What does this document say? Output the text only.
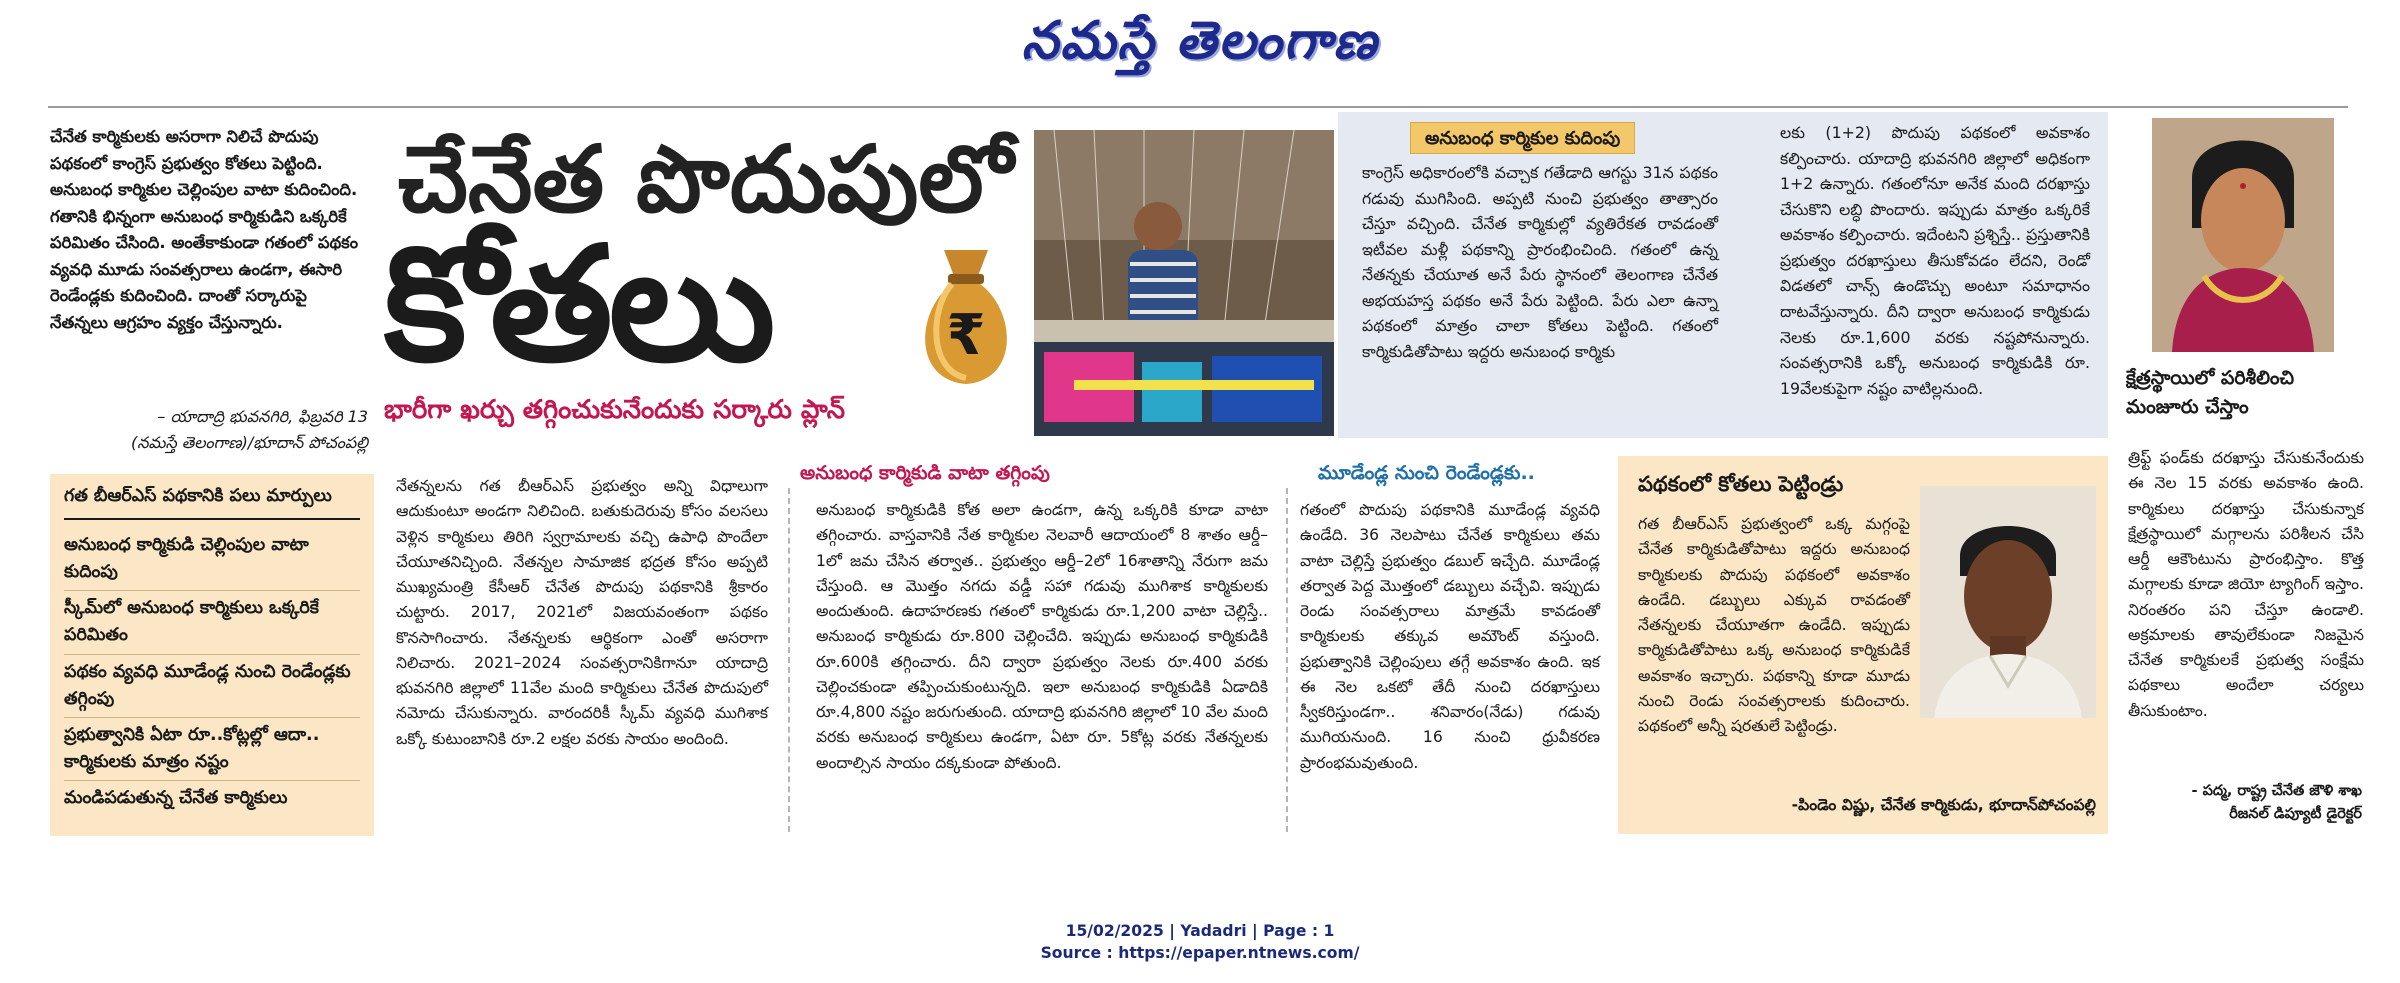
నమస్తే తెలంగాణ
చేనేత కార్మికులకు అసరాగా నిలిచే పొదుపు పథకంలో కాంగ్రెస్‌ ప్రభుత్వం కోతలు పెట్టింది. అనుబంధ కార్మికుల చెల్లింపుల వాటా కుదించింది. గతానికి భిన్నంగా అనుబంధ కార్మికుడిని ఒక్కరికే పరిమితం చేసింది. అంతేకాకుండా గతంలో పథకం వ్యవధి మూడు సంవత్సరాలు ఉండగా, ఈసారి రెండేండ్లకు కుదించింది. దాంతో సర్కారుపై నేతన్నలు ఆగ్రహం వ్యక్తం చేస్తున్నారు.
– యాదాద్రి భువనగిరి, ఫిబ్రవరి 13
(నమస్తే తెలంగాణ)/భూదాన్‌ పోచంపల్లి
చేనేత పొదుపులో
కోతలు	₹
భారీగా ఖర్చు తగ్గించుకునేందుకు సర్కారు ప్లాన్‌
అనుబంధ కార్మికుల కుదింపు
కాంగ్రెస్‌ అధికారంలోకి వచ్చాక గతేడాది ఆగస్టు 31న పథకం గడువు ముగిసింది. అప్పటి నుంచి ప్రభుత్వం తాత్సారం చేస్తూ వచ్చింది. చేనేత కార్మికుల్లో వ్యతిరేకత రావడంతో ఇటీవల మళ్లీ పథకాన్ని ప్రారంభించింది. గతంలో ఉన్న నేతన్నకు చేయూత అనే పేరు స్థానంలో తెలంగాణ చేనేత అభయహస్త పథకం అనే పేరు పెట్టింది. పేరు ఎలా ఉన్నా పథకంలో మాత్రం చాలా కోతలు పెట్టింది. గతంలో కార్మికుడితోపాటు ఇద్దరు అనుబంధ కార్మికు
లకు (1+2) పొదుపు పథకంలో అవకాశం కల్పించారు. యాదాద్రి భువనగిరి జిల్లాలో అధికంగా 1+2 ఉన్నారు. గతంలోనూ అనేక మంది దరఖాస్తు చేసుకొని లబ్ధి పొందారు. ఇప్పుడు మాత్రం ఒక్కరికే అవకాశం కల్పించారు. ఇదేంటని ప్రశ్నిస్తే.. ప్రస్తుతానికి ప్రభుత్వం దరఖాస్తులు తీసుకోవడం లేదని, రెండో విడతలో చాన్స్‌ ఉండొచ్చు అంటూ సమాధానం దాటవేస్తున్నారు. దీని ద్వారా అనుబంధ కార్మికుడు నెలకు రూ.1,600 వరకు నష్టపోనున్నారు. సంవత్సరానికి ఒక్కో అనుబంధ కార్మికుడికి రూ. 19వేలకుపైగా నష్టం వాటిల్లనుంది.	క్షేత్రస్థాయిలో పరిశీలించి మంజూరు చేస్తాం
గత బీఆర్‌ఎస్‌ పథకానికి పలు మార్పులు
అనుబంధ కార్మికుడి చెల్లింపుల వాటా కుదింపు
స్కీమ్‌లో అనుబంధ కార్మికులు ఒక్కరికే పరిమితం
పథకం వ్యవధి మూడేండ్ల నుంచి రెండేండ్లకు తగ్గింపు
ప్రభుత్వానికి ఏటా రూ..కోట్లల్లో ఆదా.. కార్మికులకు మాత్రం నష్టం
మండిపడుతున్న చేనేత కార్మికులు
నేతన్నలను గత బీఆర్‌ఎస్‌ ప్రభుత్వం అన్ని విధాలుగా ఆదుకుంటూ అండగా నిలిచింది. బతుకుదెరువు కోసం వలసలు వెళ్లిన కార్మికులు తిరిగి స్వగ్రామాలకు వచ్చి ఉపాధి పొందేలా చేయూతనిచ్చింది. నేతన్నల సామాజిక భద్రత కోసం అప్పటి ముఖ్యమంత్రి కేసీఆర్‌ చేనేత పొదుపు పథకానికి శ్రీకారం చుట్టారు. 2017, 2021లో విజయవంతంగా పథకం కొనసాగించారు. నేతన్నలకు ఆర్థికంగా ఎంతో అసరాగా నిలిచారు. 2021–2024 సంవత్సరానికిగానూ యాదాద్రి భువనగిరి జిల్లాలో 11వేల మంది కార్మికులు చేనేత పొదుపులో నమోదు చేసుకున్నారు. వారందరికీ స్కీమ్‌ వ్యవధి ముగిశాక ఒక్కో కుటుంబానికి రూ.2 లక్షల వరకు సాయం అందింది.
అనుబంధ కార్మికుడి వాటా తగ్గింపు
అనుబంధ కార్మికుడికి కోత అలా ఉండగా, ఉన్న ఒక్కరికి కూడా వాటా తగ్గించారు. వాస్తవానికి నేత కార్మికుల నెలవారీ ఆదాయంలో 8 శాతం ఆర్డీ–1లో జమ చేసిన తర్వాత.. ప్రభుత్వం ఆర్డీ–2లో 16శాతాన్ని నేరుగా జమ చేస్తుంది. ఆ మొత్తం నగదు వడ్డీ సహా గడువు ముగిశాక కార్మికులకు అందుతుంది. ఉదాహరణకు గతంలో కార్మికుడు రూ.1,200 వాటా చెల్లిస్తే.. అనుబంధ కార్మికుడు రూ.800 చెల్లించేది. ఇప్పుడు అనుబంధ కార్మికుడికి రూ.600కి తగ్గించారు. దీని ద్వారా ప్రభుత్వం నెలకు రూ.400 వరకు చెల్లించకుండా తప్పించుకుంటున్నది. ఇలా అనుబంధ కార్మికుడికి ఏడాదికి రూ.4,800 నష్టం జరుగుతుంది. యాదాద్రి భువనగిరి జిల్లాలో 10 వేల మంది వరకు అనుబంధ కార్మికులు ఉండగా, ఏటా రూ. 5కోట్ల వరకు నేతన్నలకు అందాల్సిన సాయం దక్కకుండా పోతుంది.
మూడేండ్ల నుంచి రెండేండ్లకు..
గతంలో పొదుపు పథకానికి మూడేండ్ల వ్యవధి ఉండేది. 36 నెలపాటు చేనేత కార్మికులు తమ వాటా చెల్లిస్తే ప్రభుత్వం డబుల్‌ ఇచ్చేది. మూడేండ్ల తర్వాత పెద్ద మొత్తంలో డబ్బులు వచ్చేవి. ఇప్పుడు రెండు సంవత్సరాలు మాత్రమే కావడంతో కార్మికులకు తక్కువ అమౌంట్‌ వస్తుంది. ప్రభుత్వానికి చెల్లింపులు తగ్గే అవకాశం ఉంది. ఇక ఈ నెల ఒకటో తేదీ నుంచి దరఖాస్తులు స్వీకరిస్తుండగా.. శనివారం(నేడు) గడువు ముగియనుంది. 16 నుంచి ధ్రువీకరణ ప్రారంభమవుతుంది.
పథకంలో కోతలు పెట్టిండ్రు
గత బీఆర్‌ఎస్‌ ప్రభుత్వంలో ఒక్క మగ్గంపై చేనేత కార్మికుడితోపాటు ఇద్దరు అనుబంధ కార్మికులకు పొదుపు పథకంలో అవకాశం ఉండేది. డబ్బులు ఎక్కువ రావడంతో నేతన్నలకు చేయూతగా ఉండేది. ఇప్పుడు కార్మికుడితోపాటు ఒక్క అనుబంధ కార్మికుడికే అవకాశం ఇచ్చారు. పథకాన్ని కూడా మూడు నుంచి రెండు సంవత్సరాలకు కుదించారు. పథకంలో అన్నీ షరతులే పెట్టిండ్రు.
-పిండెం విష్ణు, చేనేత కార్మికుడు, భూదాన్‌పోచంపల్లి
త్రిఫ్ట్‌ ఫండ్‌కు దరఖాస్తు చేసుకునేందుకు ఈ నెల 15 వరకు అవకాశం ఉంది. కార్మికులు దరఖాస్తు చేసుకున్నాక క్షేత్రస్థాయిలో మగ్గాలను పరిశీలన చేసి ఆర్డీ ఆకౌంటును ప్రారంభిస్తాం. కొత్త మగ్గాలకు కూడా జియో ట్యాగింగ్‌ ఇస్తాం. నిరంతరం పని చేస్తూ ఉండాలి. అక్రమాలకు తావులేకుండా నిజమైన చేనేత కార్మికులకే ప్రభుత్వ సంక్షేమ పథకాలు అందేలా చర్యలు తీసుకుంటాం.
- పద్మ, రాష్ట్ర చేనేత జౌళి శాఖ
రీజనల్‌ డిప్యూటీ డైరెక్టర్‌
15/02/2025 | Yadadri | Page : 1
Source : https://epaper.ntnews.com/
